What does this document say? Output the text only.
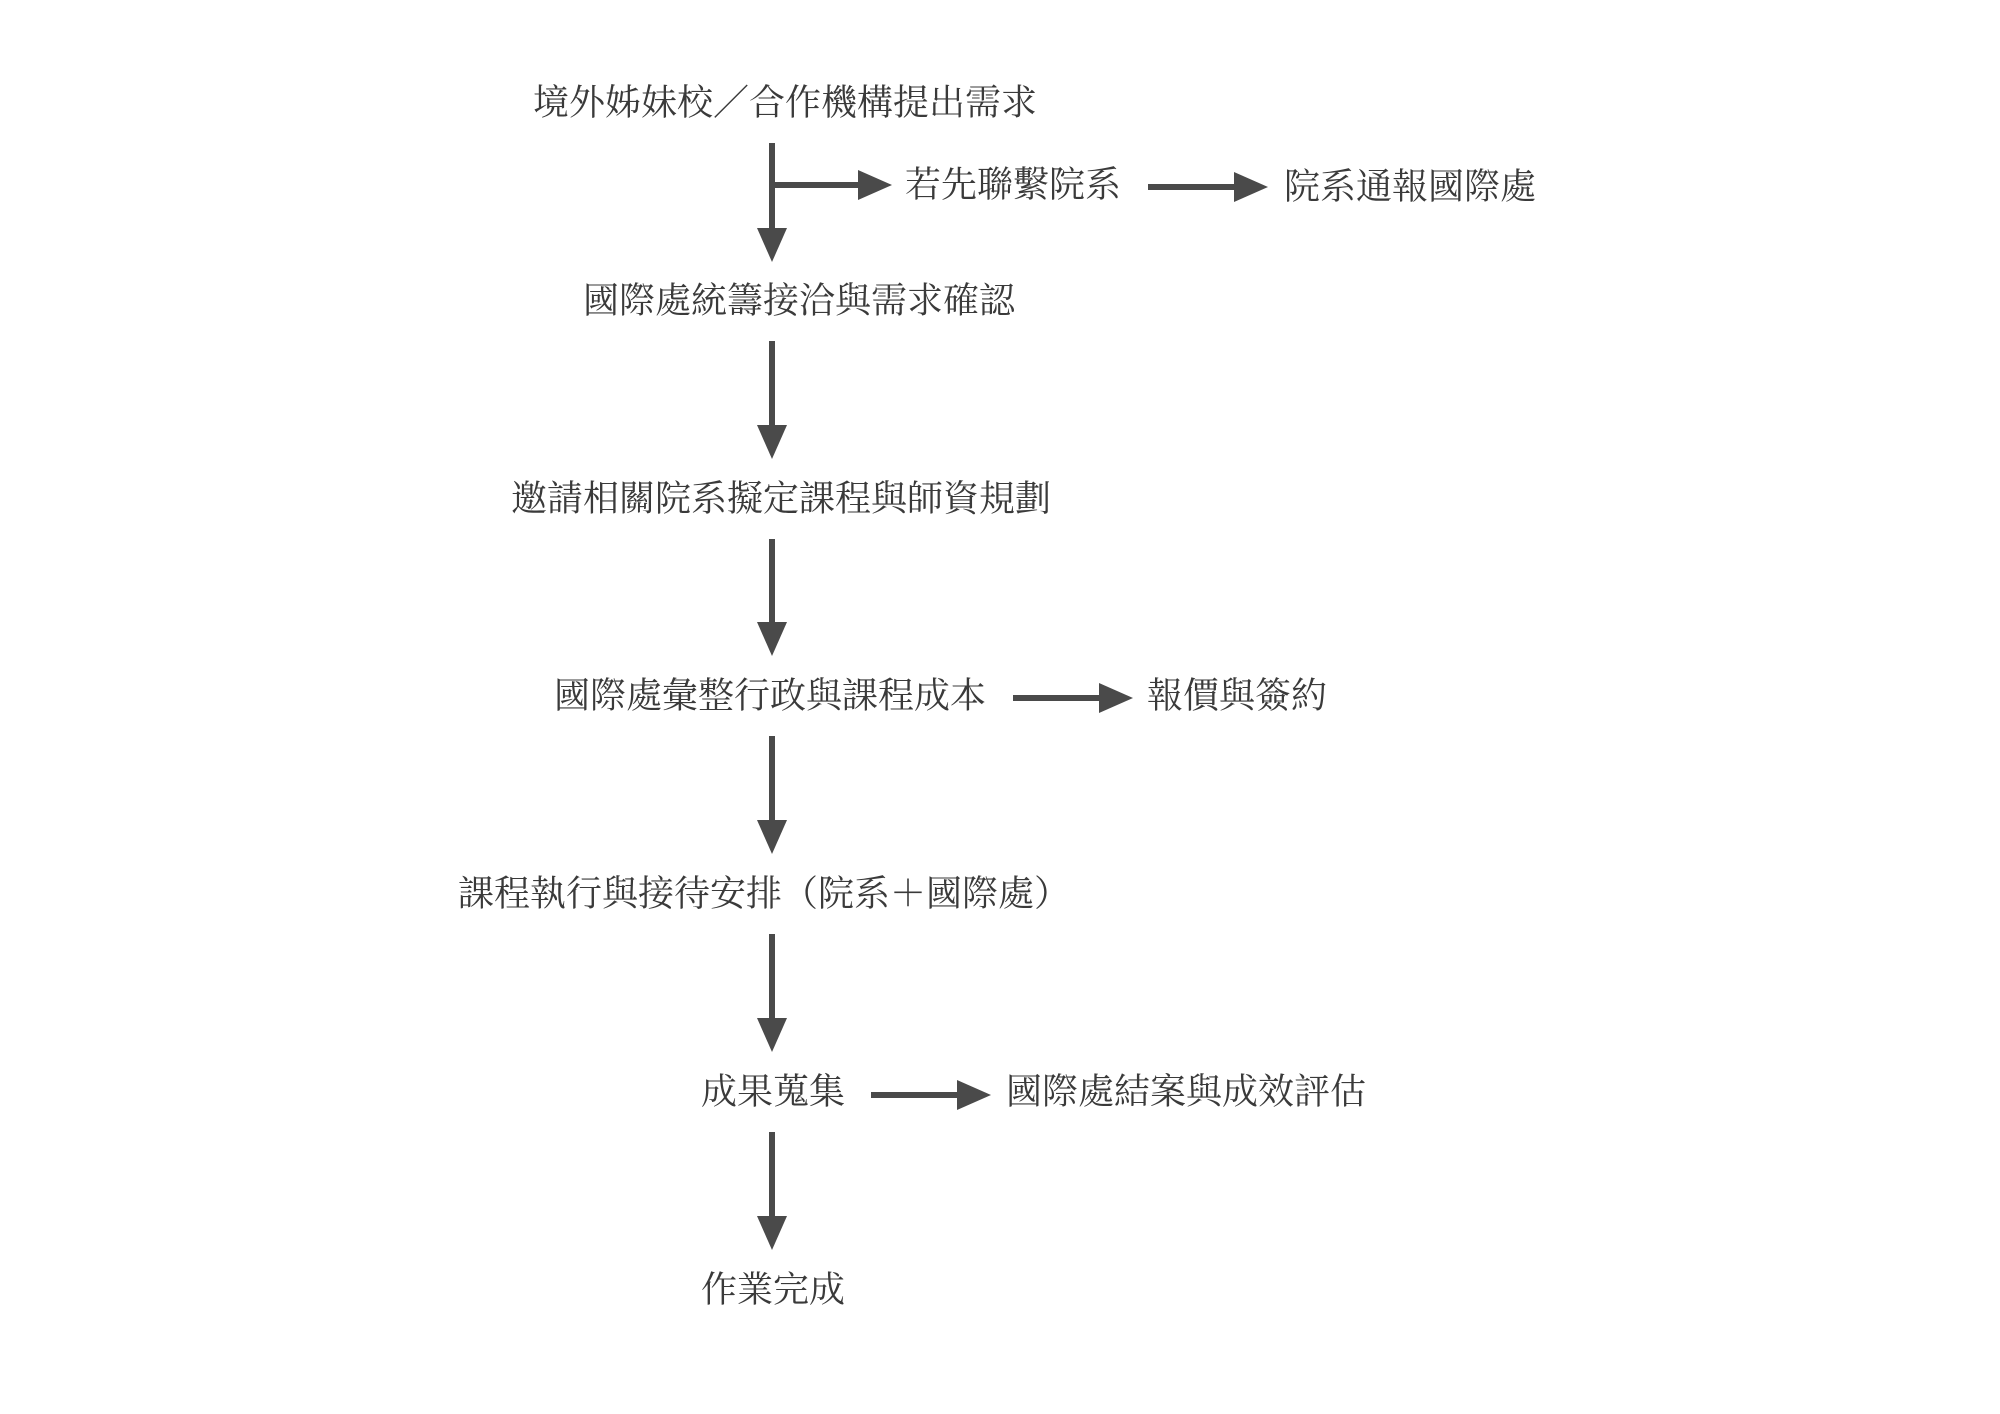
境外姊妹校／合作機構提出需求
國際處統籌接洽與需求確認
邀請相關院系擬定課程與師資規劃
國際處彙整行政與課程成本
課程執行與接待安排（院系＋國際處）
成果蒐集
作業完成
若先聯繫院系	院系通報國際處
報價與簽約
國際處結案與成效評估
